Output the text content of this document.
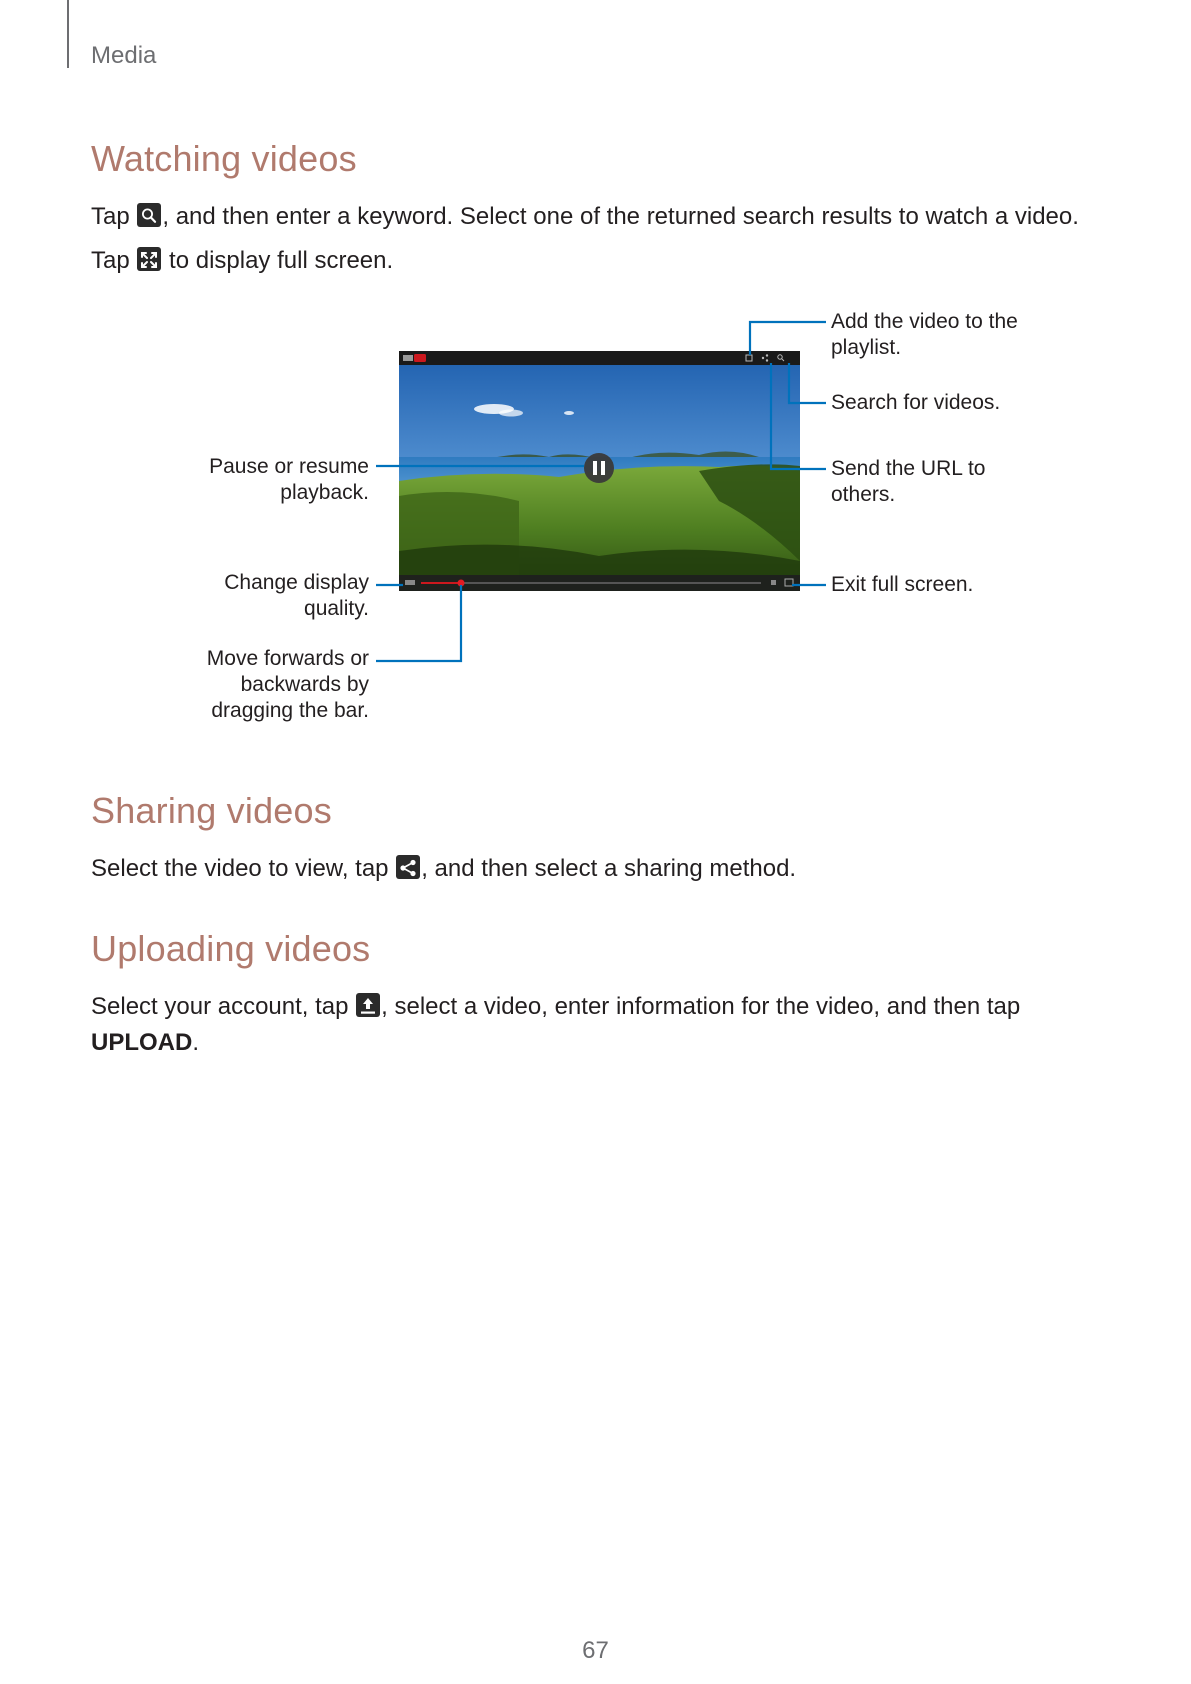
Media
Watching videos

Tap , and then enter a keyword. Select one of the returned search results to watch a video.

Tap  to display full screen.

Add the video to the
playlist.
Search for videos.
Send the URL to
others.
Exit full screen.
Pause or resume
playback.
Change display
quality.
Move forwards or
backwards by
dragging the bar.
Sharing videos

Select the video to view, tap , and then select a sharing method.

Uploading videos

Select your account, tap , select a video, enter information for the video, and then tap

UPLOAD.

67
